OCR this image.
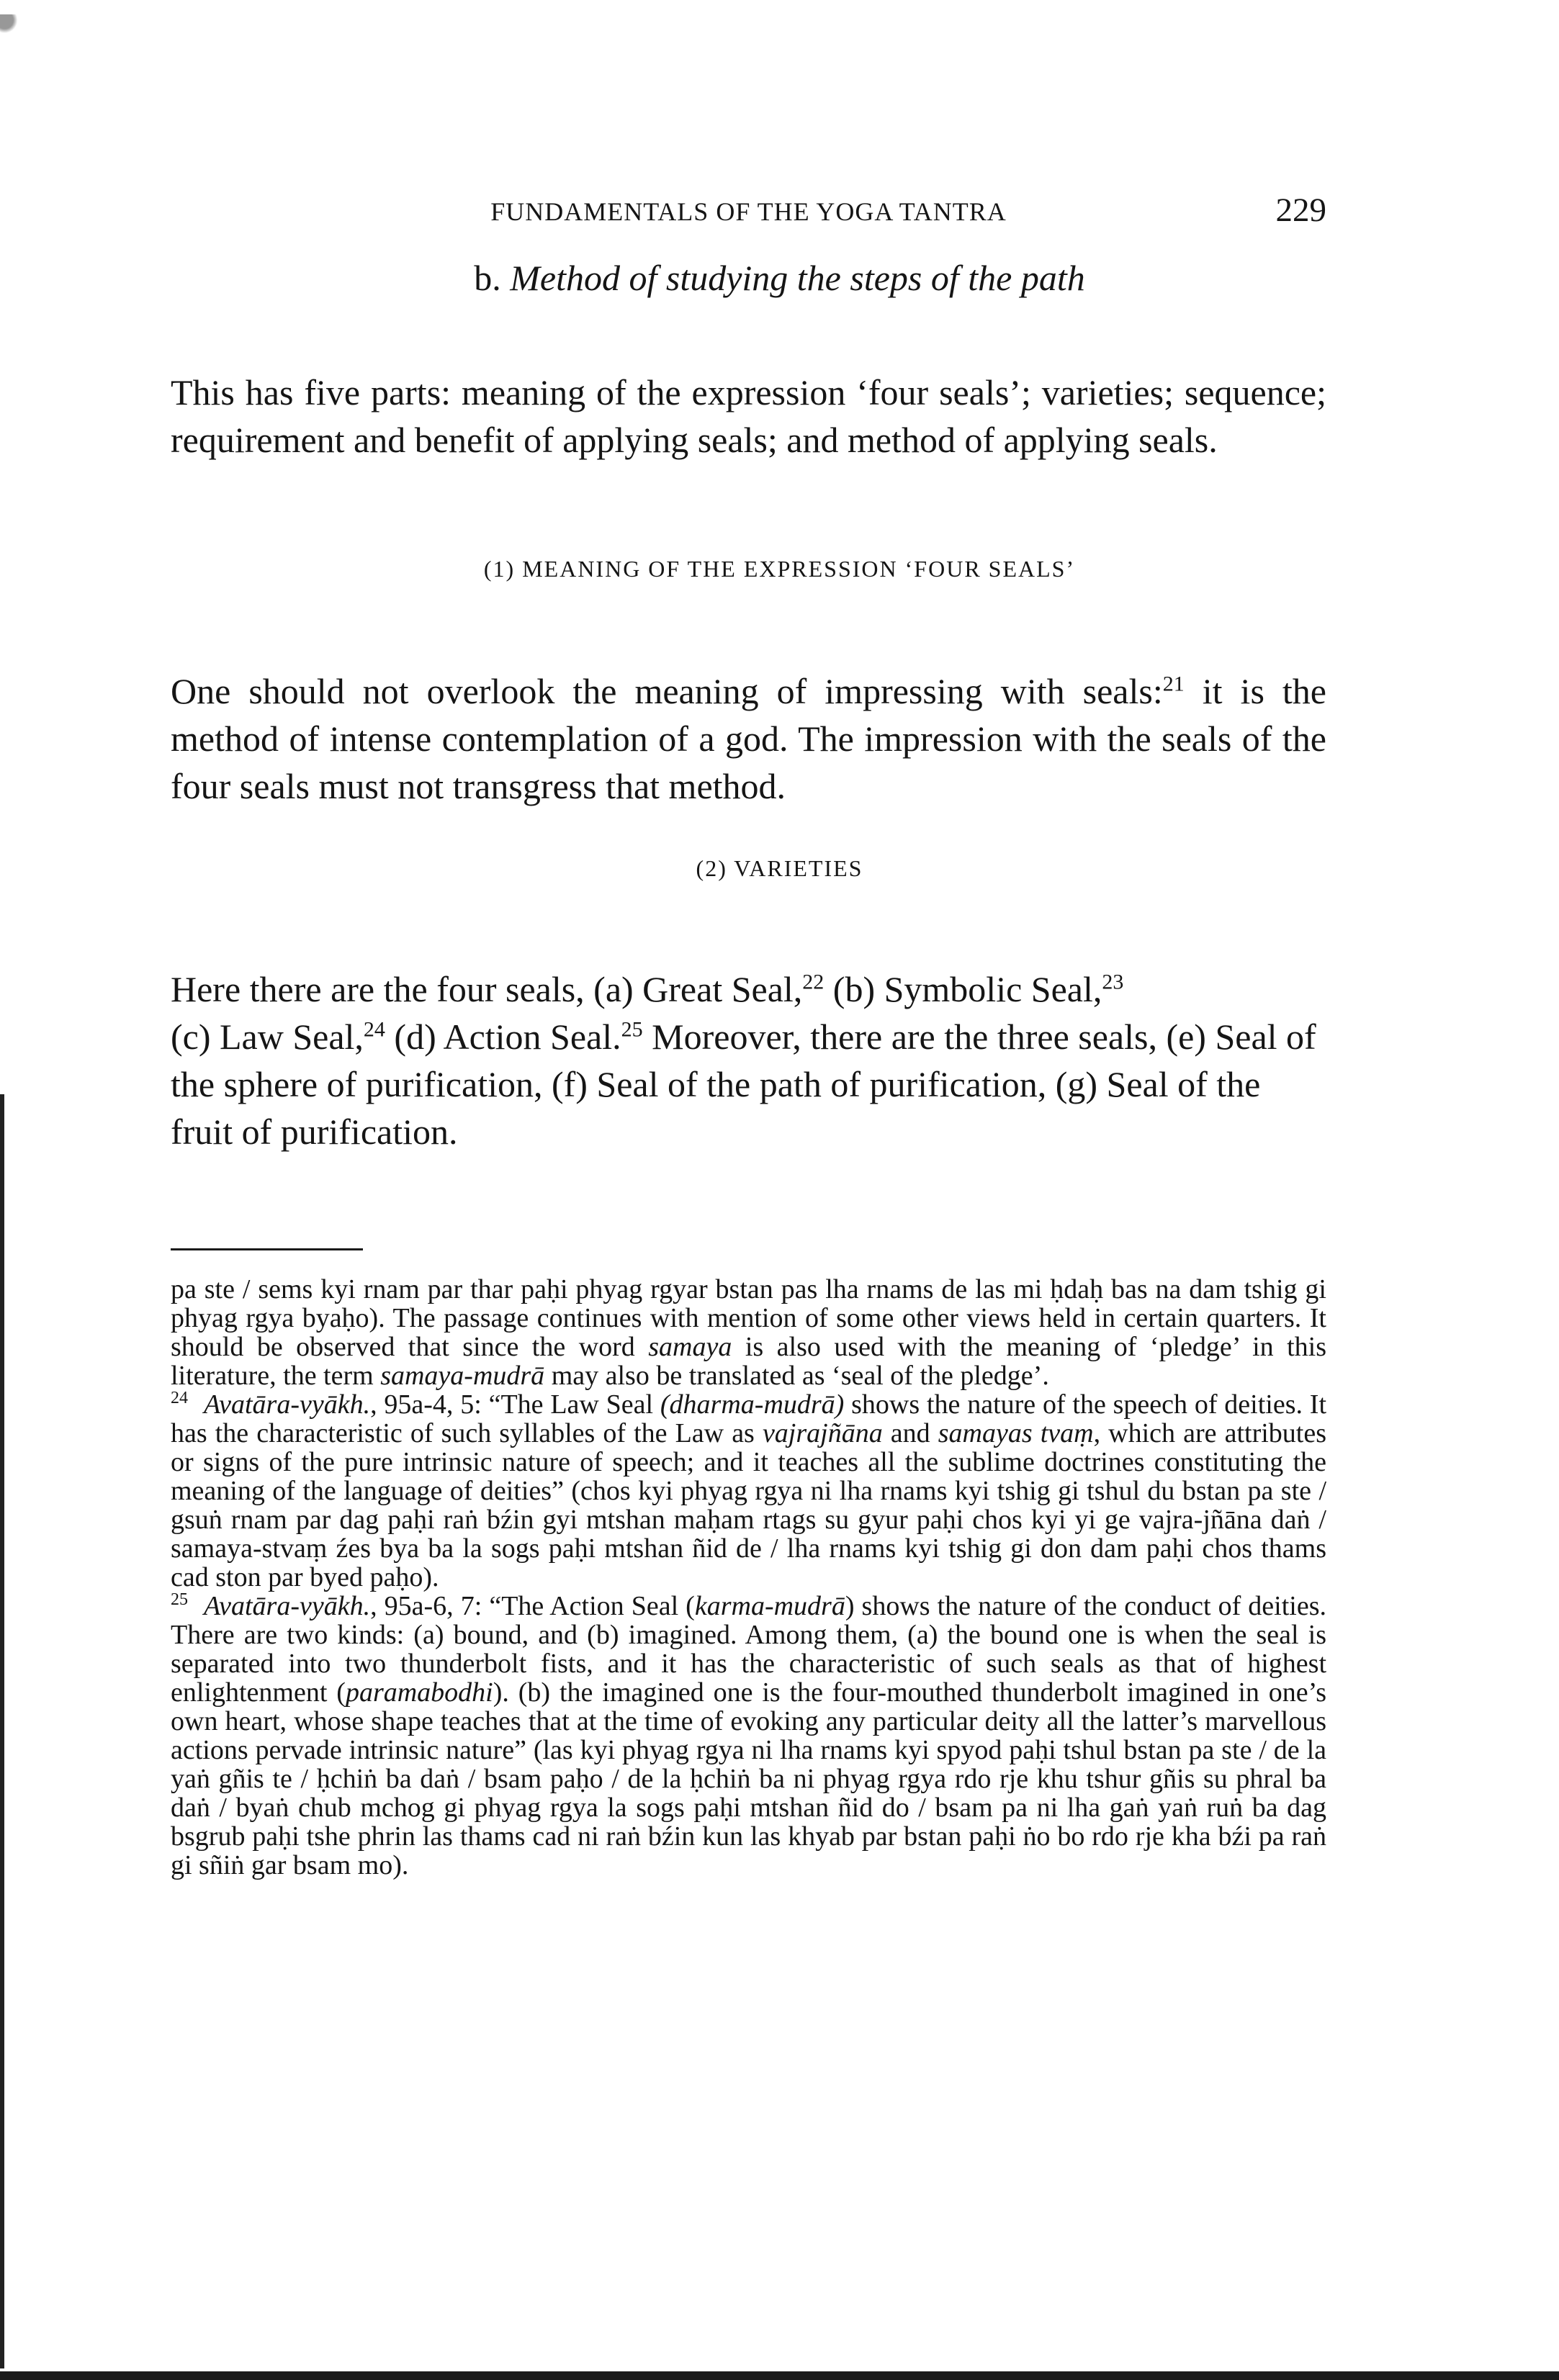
FUNDAMENTALS OF THE YOGA TANTRA	229
b. Method of studying the steps of the path

This has five parts: meaning of the expression ‘four seals’; varieties; sequence; requirement and benefit of applying seals; and method of applying seals.

(1) MEANING OF THE EXPRESSION ‘FOUR SEALS’

One should not overlook the meaning of impressing with seals:$^{21}$ it is the method of intense contemplation of a god. The impression with the seals of the four seals must not transgress that method.

(2) VARIETIES

Here there are the four seals, (a) Great Seal,$^{22}$ (b) Symbolic Seal,$^{23}$
(c) Law Seal,$^{24}$ (d) Action Seal.$^{25}$ Moreover, there are the three seals, (e) Seal of the sphere of purification, (f) Seal of the path of purification, (g) Seal of the fruit of purification.

pa ste / sems kyi rnam par thar paḥi phyag rgyar bstan pas lha rnams de las mi ḥdaḥ bas na dam tshig gi phyag rgya byaḥo). The passage continues with mention of some other views held in certain quarters. It should be observed that since the word samaya is also used with the meaning of ‘pledge’ in this literature, the term samaya-mudrā may also be translated as ‘seal of the pledge’.

$^{24}$ Avatāra-vyākh., 95a-4, 5: “The Law Seal (dharma-mudrā) shows the nature of the speech of deities. It has the characteristic of such syllables of the Law as vajrajñāna and samayas tvaṃ, which are attributes or signs of the pure intrinsic nature of speech; and it teaches all the sublime doctrines constituting the meaning of the language of deities” (chos kyi phyag rgya ni lha rnams kyi tshig gi tshul du bstan pa ste / gsuṅ rnam par dag paḥi raṅ bźin gyi mtshan maḥam rtags su gyur paḥi chos kyi yi ge vajra-jñāna daṅ / samaya-stvaṃ źes bya ba la sogs paḥi mtshan ñid de / lha rnams kyi tshig gi don dam paḥi chos thams cad ston par byed paḥo).

$^{25}$ Avatāra-vyākh., 95a-6, 7: “The Action Seal (karma-mudrā) shows the nature of the conduct of deities. There are two kinds: (a) bound, and (b) imagined. Among them, (a) the bound one is when the seal is separated into two thunderbolt fists, and it has the characteristic of such seals as that of highest enlightenment (paramabodhi). (b) the imagined one is the four-mouthed thunderbolt imagined in one’s own heart, whose shape teaches that at the time of evoking any particular deity all the latter’s marvellous actions pervade intrinsic nature” (las kyi phyag rgya ni lha rnams kyi spyod paḥi tshul bstan pa ste / de la yaṅ gñis te / ḥchiṅ ba daṅ / bsam paḥo / de la ḥchiṅ ba ni phyag rgya rdo rje khu tshur gñis su phral ba daṅ / byaṅ chub mchog gi phyag rgya la sogs paḥi mtshan ñid do / bsam pa ni lha gaṅ yaṅ ruṅ ba dag bsgrub paḥi tshe phrin las thams cad ni raṅ bźin kun las khyab par bstan paḥi ṅo bo rdo rje kha bźi pa raṅ gi sñiṅ gar bsam mo).
